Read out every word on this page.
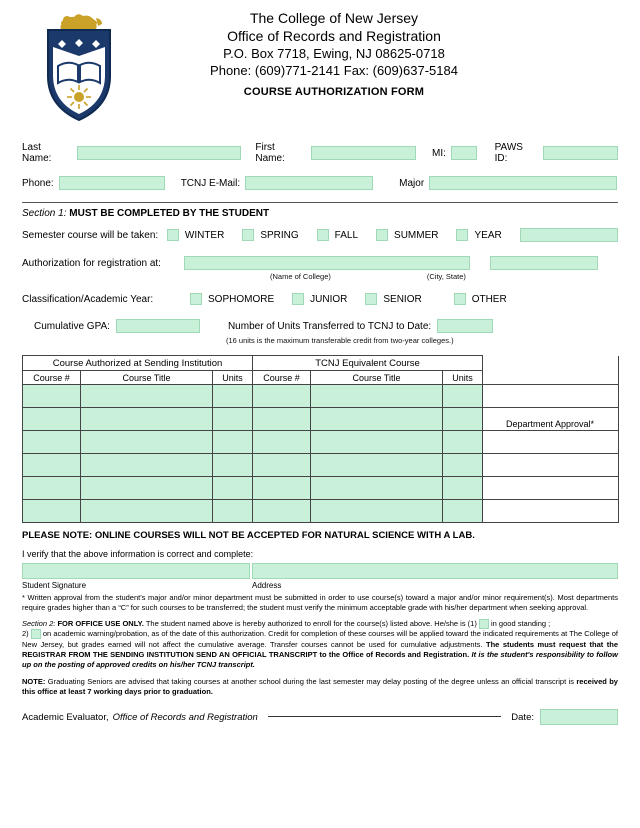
The College of New Jersey
Office of Records and Registration
P.O. Box 7718, Ewing, NJ 08625-0718
Phone: (609)771-2141 Fax: (609)637-5184
COURSE AUTHORIZATION FORM
Last Name:
First Name:	MI:	PAWS ID:
Phone:	TCNJ E-Mail:	Major
Section 1: MUST BE COMPLETED BY THE STUDENT
Semester course will be taken:	WINTER	SPRING	FALL	SUMMER	YEAR
Authorization for registration at:
(Name of College)	(City, State)
Classification/Academic Year:	SOPHOMORE	JUNIOR	SENIOR	OTHER
Cumulative GPA:	Number of Units Transferred to TCNJ to Date:
(16 units is the maximum transferable credit from two-year colleges.)
Course Authorized at Sending Institution			TCNJ Equivalent Course			
Course #	Course Title	Units	Course #	Course Title	Units	

Department Approval*
PLEASE NOTE: ONLINE COURSES WILL NOT BE ACCEPTED FOR NATURAL SCIENCE WITH A LAB.
I verify that the above information is correct and complete:
Student Signature	Address
* Written approval from the student's major and/or minor department must be submitted in order to use course(s) toward a major and/or minor requirement(s). Most departments require grades higher than a “C” for such courses to be transferred; the student must verify the minimum acceptable grade with his/her department when seeking approval.
Section 2: FOR OFFICE USE ONLY. The student named above is hereby authorized to enroll for the course(s) listed above. He/she is (1) in good standing ;
2) on academic warning/probation, as of the date of this authorization. Credit for completion of these courses will be applied toward the indicated requirements at The College of New Jersey, but grades earned will not affect the cumulative average. Transfer courses cannot be used for cumulative adjustments. The students must request that the REGISTRAR FROM THE SENDING INSTITUTION SEND AN OFFICIAL TRANSCRIPT to the Office of Records and Registration. It is the student's responsibility to follow up on the posting of approved credits on his/her TCNJ transcript.
NOTE: Graduating Seniors are advised that taking courses at another school during the last semester may delay posting of the degree unless an official transcript is received by this office at least 7 working days prior to graduation.
Academic Evaluator, Office of Records and Registration	Date:
